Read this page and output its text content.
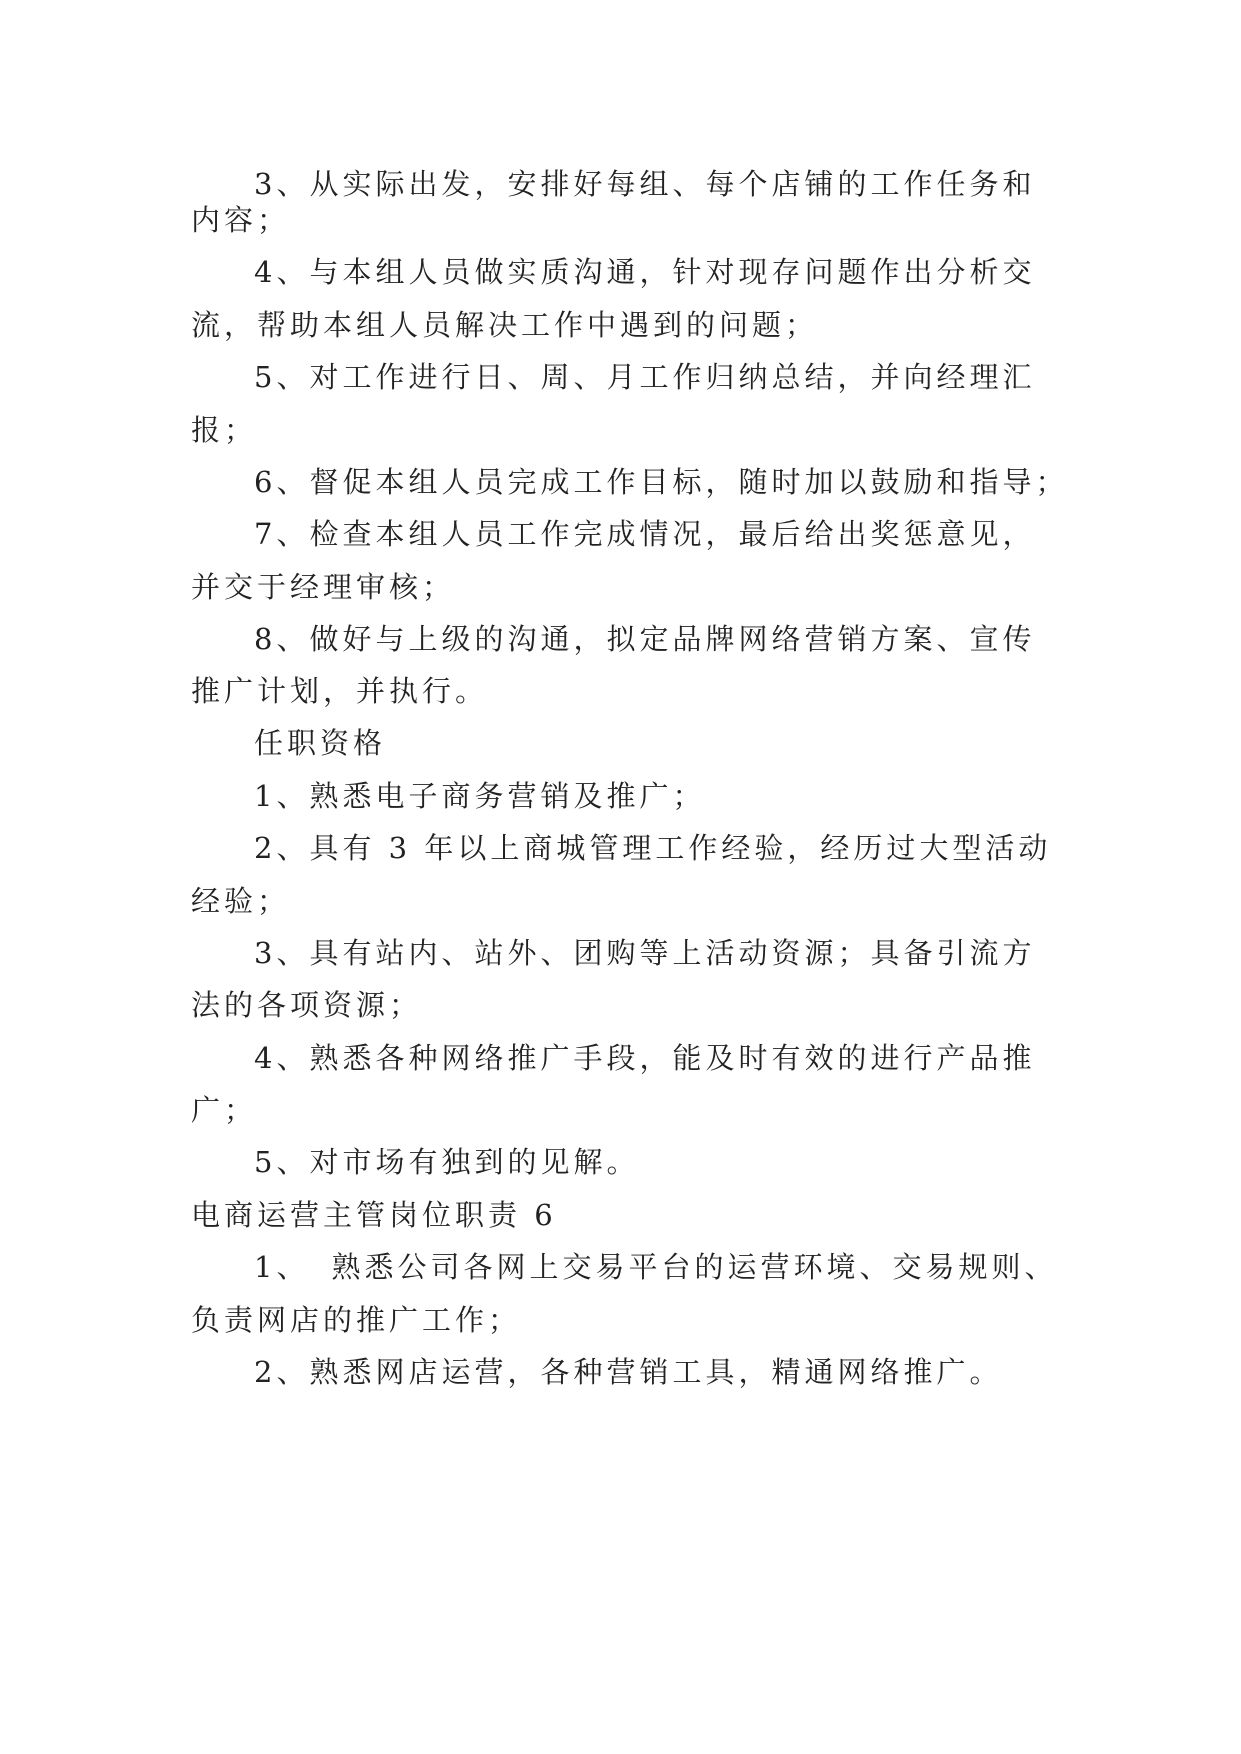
3、从实际出发，安排好每组、每个店铺的工作任务和

内容；

4、与本组人员做实质沟通，针对现存问题作出分析交

流，帮助本组人员解决工作中遇到的问题；

5、对工作进行日、周、月工作归纳总结，并向经理汇

报；

6、督促本组人员完成工作目标，随时加以鼓励和指导；

7、检查本组人员工作完成情况，最后给出奖惩意见，

并交于经理审核；

8、做好与上级的沟通，拟定品牌网络营销方案、宣传

推广计划，并执行。

任职资格

1、熟悉电子商务营销及推广；

2、具有 3 年以上商城管理工作经验，经历过大型活动

经验；

3、具有站内、站外、团购等上活动资源；具备引流方

法的各项资源；

4、熟悉各种网络推广手段，能及时有效的进行产品推

广；

5、对市场有独到的见解。

电商运营主管岗位职责 6

1、 熟悉公司各网上交易平台的运营环境、交易规则、

负责网店的推广工作；

2、熟悉网店运营，各种营销工具，精通网络推广。
